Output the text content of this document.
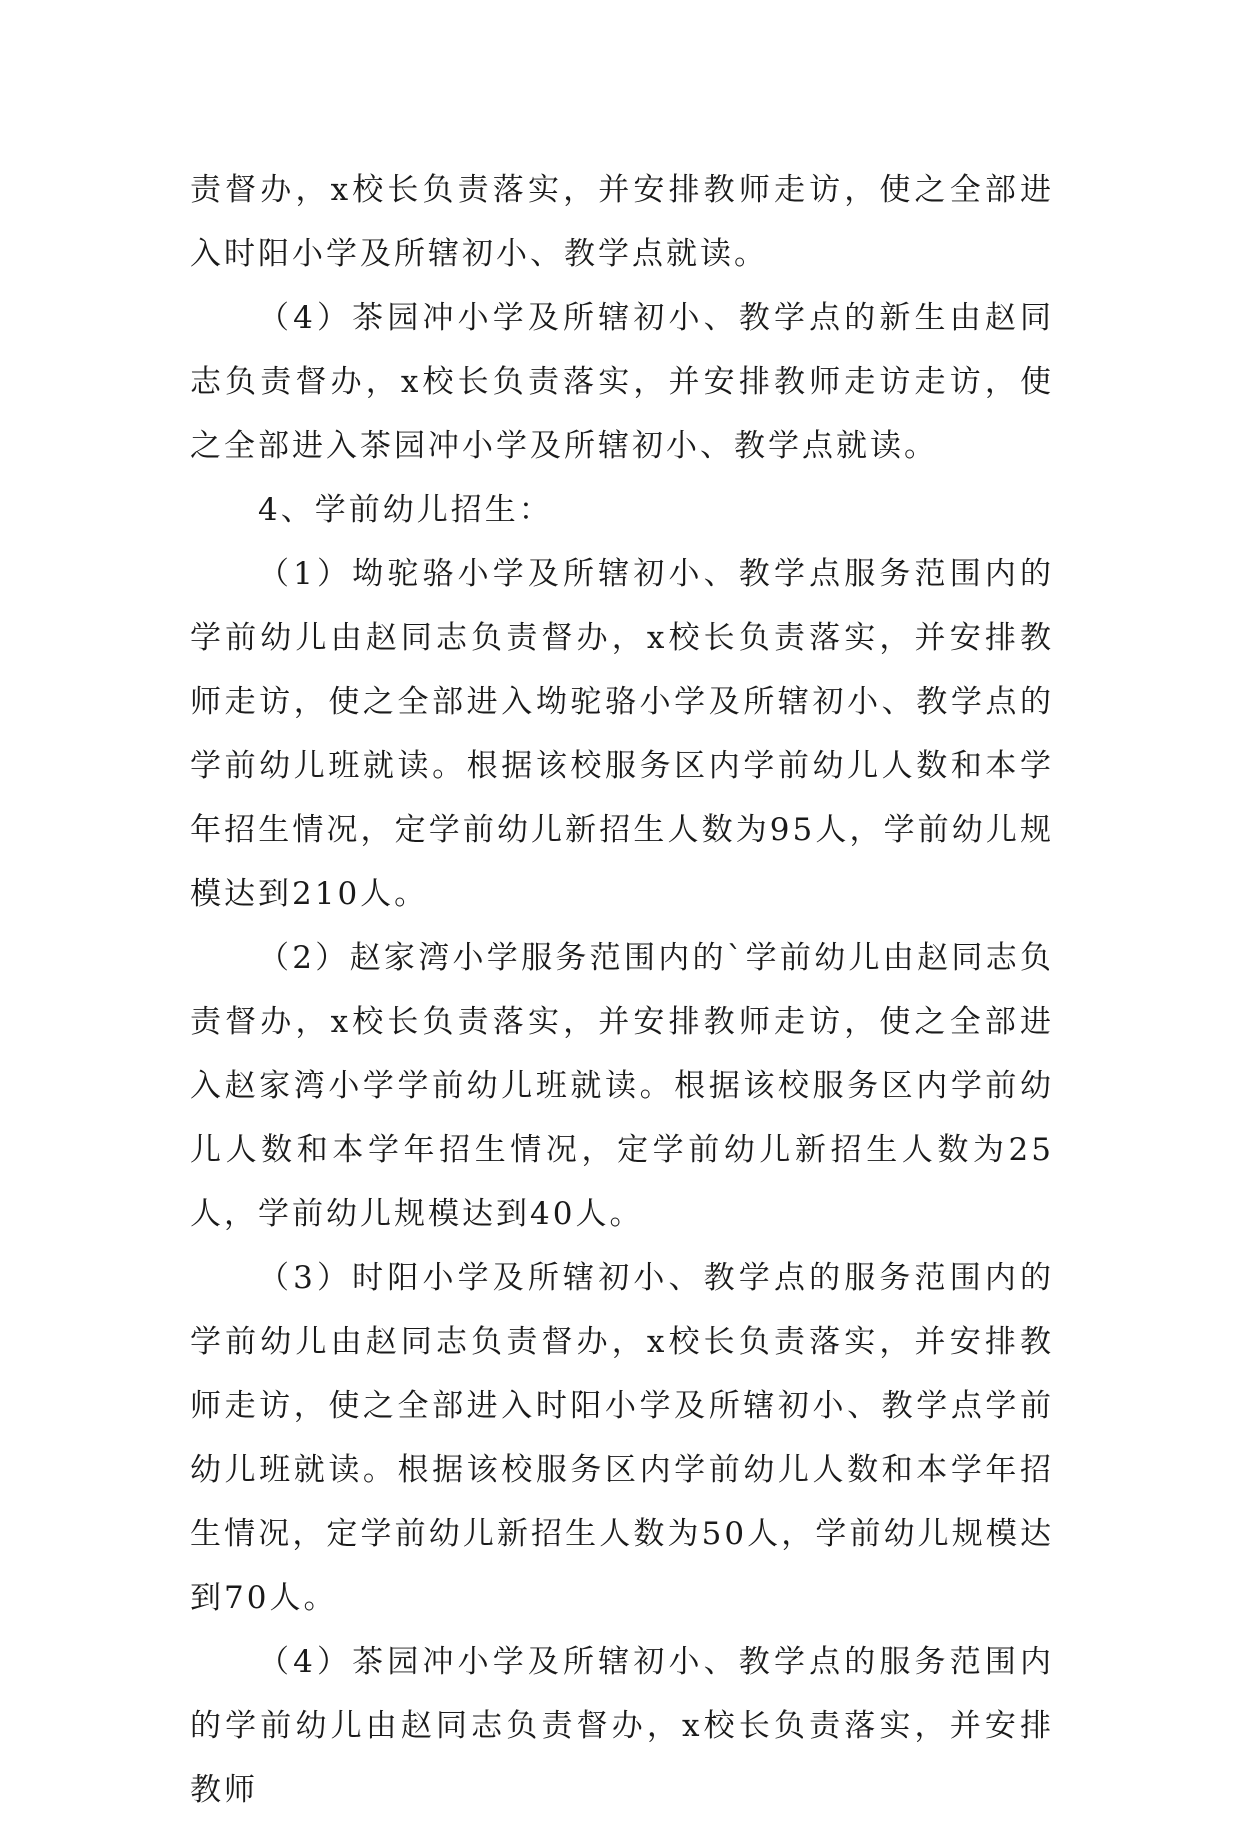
责督办，x校长负责落实，并安排教师走访，使之全部进入时阳小学及所辖初小、教学点就读。

（4）茶园冲小学及所辖初小、教学点的新生由赵同志负责督办，x校长负责落实，并安排教师走访走访，使之全部进入茶园冲小学及所辖初小、教学点就读。

4、学前幼儿招生：

（1）坳驼骆小学及所辖初小、教学点服务范围内的学前幼儿由赵同志负责督办，x校长负责落实，并安排教师走访，使之全部进入坳驼骆小学及所辖初小、教学点的学前幼儿班就读。根据该校服务区内学前幼儿人数和本学年招生情况，定学前幼儿新招生人数为95人，学前幼儿规模达到210人。

（2）赵家湾小学服务范围内的`学前幼儿由赵同志负责督办，x校长负责落实，并安排教师走访，使之全部进入赵家湾小学学前幼儿班就读。根据该校服务区内学前幼儿人数和本学年招生情况，定学前幼儿新招生人数为25人，学前幼儿规模达到40人。

（3）时阳小学及所辖初小、教学点的服务范围内的学前幼儿由赵同志负责督办，x校长负责落实，并安排教师走访，使之全部进入时阳小学及所辖初小、教学点学前幼儿班就读。根据该校服务区内学前幼儿人数和本学年招生情况，定学前幼儿新招生人数为50人，学前幼儿规模达到70人。

（4）茶园冲小学及所辖初小、教学点的服务范围内的学前幼儿由赵同志负责督办，x校长负责落实，并安排教师
